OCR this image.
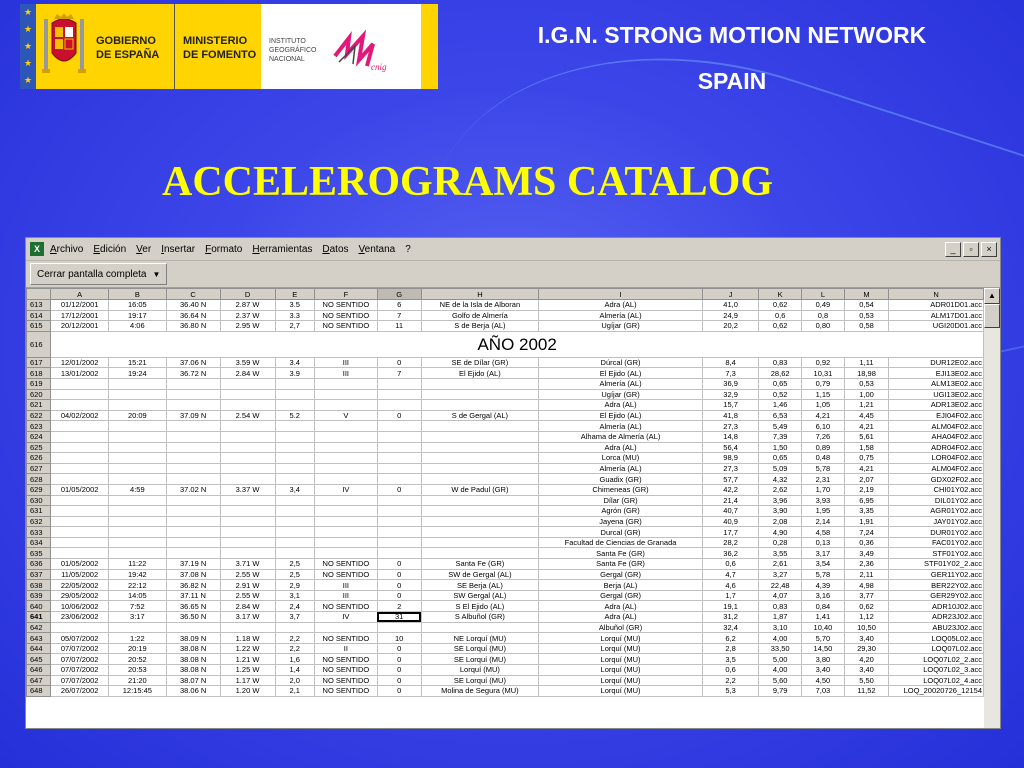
★
★
★
★
★
GOBIERNO
DE ESPAÑA
MINISTERIO
DE FOMENTO
INSTITUTO
GEOGRÁFICO
NACIONAL
cnig
I.G.N. STRONG MOTION NETWORK
SPAIN
ACCELEROGRAMS CATALOG
X	Archivo Edición Ver Insertar Formato Herramientas Datos Ventana ?	_	▫	×
Cerrar pantalla completa ▼
	A	B	C	D	E	F	G	H	I	J	K	L	M	N
613	01/12/2001	16:05	36.40 N	2.87 W	3.5	NO SENTIDO	6	NE de la Isla de Alboran	Adra (AL)	41,0	0,62	0,49	0,54	ADR01D01.acc
614	17/12/2001	19:17	36.64 N	2.37 W	3.3	NO SENTIDO	7	Golfo de Almería	Almería (AL)	24,9	0,6	0,8	0,53	ALM17D01.acc
615	20/12/2001	4:06	36.80 N	2.95 W	2,7	NO SENTIDO	11	S de Berja (AL)	Ugíjar (GR)	20,2	0,62	0,80	0,58	UGI20D01.acc
616	AÑO 2002													
617	12/01/2002	15:21	37.06 N	3.59 W	3.4	III	0	SE de Dílar (GR)	Dúrcal (GR)	8,4	0,83	0,92	1,11	DUR12E02.acc
618	13/01/2002	19:24	36.72 N	2.84 W	3.9	III	7	El Ejido (AL)	El Ejido (AL)	7,3	28,62	10,31	18,98	EJI13E02.acc
619									Almería (AL)	36,9	0,65	0,79	0,53	ALM13E02.acc
620									Ugíjar (GR)	32,9	0,52	1,15	1,00	UGI13E02.acc
621									Adra (AL)	15,7	1,46	1,05	1,21	ADR13E02.acc
622	04/02/2002	20:09	37.09 N	2.54 W	5.2	V	0	S de Gergal (AL)	El Ejido (AL)	41,8	6,53	4,21	4,45	EJI04F02.acc
623									Almería (AL)	27,3	5,49	6,10	4,21	ALM04F02.acc
624									Alhama de Almería (AL)	14,8	7,39	7,26	5,61	AHA04F02.acc
625									Adra (AL)	56,4	1,50	0,89	1,58	ADR04F02.acc
626									Lorca (MU)	98,9	0,65	0,48	0,75	LOR04F02.acc
627									Almería (AL)	27,3	5,09	5,78	4,21	ALM04F02.acc
628									Guadix (GR)	57,7	4,32	2,31	2,07	GDX02F02.acc
629	01/05/2002	4:59	37.02 N	3.37 W	3,4	IV	0	W de Padul (GR)	Chimeneas (GR)	42,2	2,62	1,70	2,19	CHI01Y02.acc
630									Dílar (GR)	21,4	3,96	3,93	6,95	DIL01Y02.acc
631									Agrón (GR)	40,7	3,90	1,95	3,35	AGR01Y02.acc
632									Jayena (GR)	40,9	2,08	2,14	1,91	JAY01Y02.acc
633									Durcal (GR)	17,7	4,90	4,58	7,24	DUR01Y02.acc
634									Facultad de Ciencias de Granada	28,2	0,28	0,13	0,36	FAC01Y02.acc
635									Santa Fe (GR)	36,2	3,55	3,17	3,49	STF01Y02.acc
636	01/05/2002	11:22	37.19 N	3.71 W	2,5	NO SENTIDO	0	Santa Fe (GR)	Santa Fe (GR)	0,6	2,61	3,54	2,36	STF01Y02_2.acc
637	11/05/2002	19:42	37.08 N	2.55 W	2,5	NO SENTIDO	0	SW de Gergal (AL)	Gergal (GR)	4,7	3,27	5,78	2,11	GER11Y02.acc
638	22/05/2002	22:12	36.82 N	2.91 W	2,9	III	0	SE Berja (AL)	Berja (AL)	4,6	22,48	4,39	4,98	BER22Y02.acc
639	29/05/2002	14:05	37.11 N	2.55 W	3,1	III	0	SW Gergal (AL)	Gergal (GR)	1,7	4,07	3,16	3,77	GER29Y02.acc
640	10/06/2002	7:52	36.65 N	2.84 W	2,4	NO SENTIDO	2	S El Ejido (AL)	Adra (AL)	19,1	0,83	0,84	0,62	ADR10J02.acc
641	23/06/2002	3:17	36.50 N	3.17 W	3,7	IV	31	S Albuñol (GR)	Adra (AL)	31,2	1,87	1,41	1,12	ADR23J02.acc
642									Albuñol (GR)	32,4	3,10	10,40	10,50	ABU23J02.acc
643	05/07/2002	1:22	38.09 N	1.18 W	2,2	NO SENTIDO	10	NE Lorquí (MU)	Lorquí (MU)	6,2	4,00	5,70	3,40	LOQ05L02.acc
644	07/07/2002	20:19	38.08 N	1.22 W	2,2	II	0	SE Lorquí (MU)	Lorquí (MU)	2,8	33,50	14,50	29,30	LOQ07L02.acc
645	07/07/2002	20:52	38.08 N	1.21 W	1,6	NO SENTIDO	0	SE Lorquí (MU)	Lorquí (MU)	3,5	5,00	3,80	4,20	LOQ07L02_2.acc
646	07/07/2002	20:53	38.08 N	1.25 W	1,4	NO SENTIDO	0	Lorquí (MU)	Lorquí (MU)	0,6	4,00	3,40	3,40	LOQ07L02_3.acc
647	07/07/2002	21:20	38.07 N	1.17 W	2,0	NO SENTIDO	0	SE Lorquí (MU)	Lorquí (MU)	2,2	5,60	4,50	5,50	LOQ07L02_4.acc
648	26/07/2002	12:15:45	38.06 N	1.20 W	2,1	NO SENTIDO	0	Molina de Segura (MU)	Lorquí (MU)	5,3	9,79	7,03	11,52	LOQ_20020726_12154
▲
